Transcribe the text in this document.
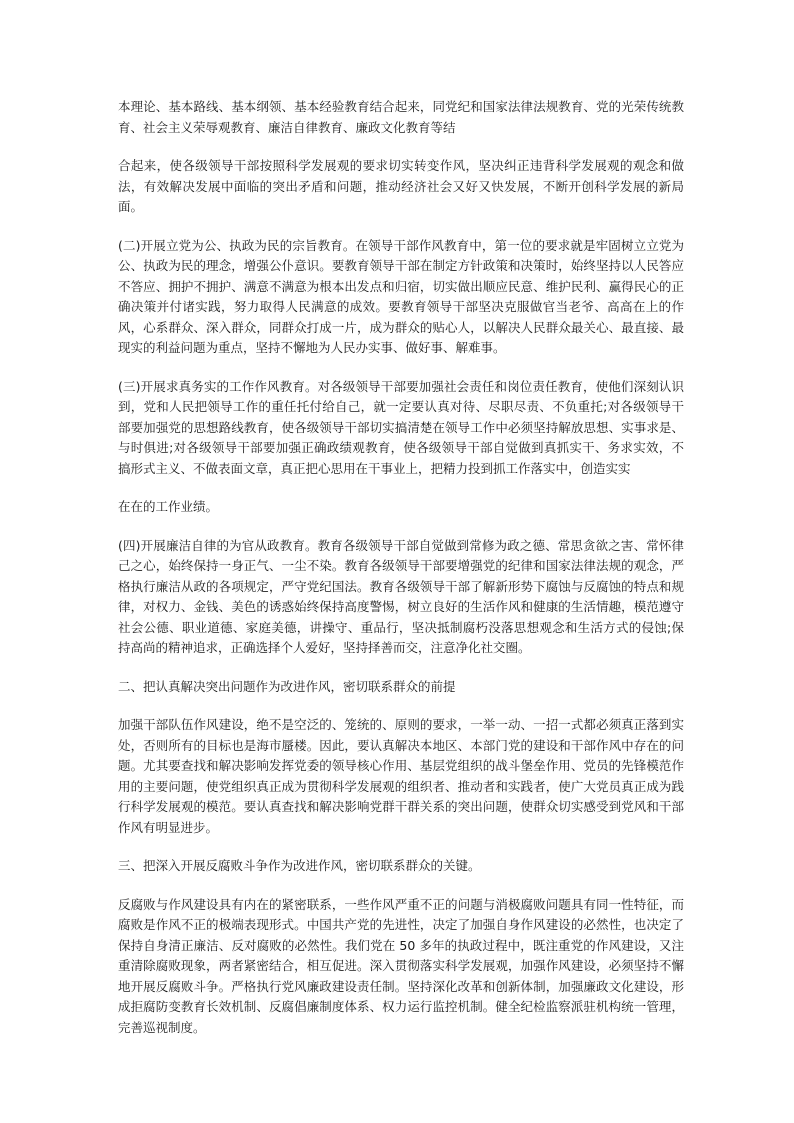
本理论、基本路线、基本纲领、基本经验教育结合起来，同党纪和国家法律法规教育、党的光荣传统教育、社会主义荣辱观教育、廉洁自律教育、廉政文化教育等结

合起来，使各级领导干部按照科学发展观的要求切实转变作风，坚决纠正违背科学发展观的观念和做法，有效解决发展中面临的突出矛盾和问题，推动经济社会又好又快发展，不断开创科学发展的新局面。

(二)开展立党为公、执政为民的宗旨教育。在领导干部作风教育中，第一位的要求就是牢固树立立党为公、执政为民的理念，增强公仆意识。要教育领导干部在制定方针政策和决策时，始终坚持以人民答应不答应、拥护不拥护、满意不满意为根本出发点和归宿，切实做出顺应民意、维护民利、赢得民心的正确决策并付诸实践，努力取得人民满意的成效。要教育领导干部坚决克服做官当老爷、高高在上的作风，心系群众、深入群众，同群众打成一片，成为群众的贴心人，以解决人民群众最关心、最直接、最现实的利益问题为重点，坚持不懈地为人民办实事、做好事、解难事。

(三)开展求真务实的工作作风教育。对各级领导干部要加强社会责任和岗位责任教育，使他们深刻认识到，党和人民把领导工作的重任托付给自己，就一定要认真对待、尽职尽责、不负重托;对各级领导干部要加强党的思想路线教育，使各级领导干部切实搞清楚在领导工作中必须坚持解放思想、实事求是、与时俱进;对各级领导干部要加强正确政绩观教育，使各级领导干部自觉做到真抓实干、务求实效，不搞形式主义、不做表面文章，真正把心思用在干事业上，把精力投到抓工作落实中，创造实实

在在的工作业绩。

(四)开展廉洁自律的为官从政教育。教育各级领导干部自觉做到常修为政之德、常思贪欲之害、常怀律己之心，始终保持一身正气、一尘不染。教育各级领导干部要增强党的纪律和国家法律法规的观念，严格执行廉洁从政的各项规定，严守党纪国法。教育各级领导干部了解新形势下腐蚀与反腐蚀的特点和规律，对权力、金钱、美色的诱惑始终保持高度警惕，树立良好的生活作风和健康的生活情趣，模范遵守社会公德、职业道德、家庭美德，讲操守、重品行，坚决抵制腐朽没落思想观念和生活方式的侵蚀;保持高尚的精神追求，正确选择个人爱好，坚持择善而交，注意净化社交圈。

二、把认真解决突出问题作为改进作风，密切联系群众的前提

加强干部队伍作风建设，绝不是空泛的、笼统的、原则的要求，一举一动、一招一式都必须真正落到实处，否则所有的目标也是海市蜃楼。因此，要认真解决本地区、本部门党的建设和干部作风中存在的问题。尤其要查找和解决影响发挥党委的领导核心作用、基层党组织的战斗堡垒作用、党员的先锋模范作用的主要问题，使党组织真正成为贯彻科学发展观的组织者、推动者和实践者，使广大党员真正成为践行科学发展观的模范。要认真查找和解决影响党群干群关系的突出问题，使群众切实感受到党风和干部作风有明显进步。

三、把深入开展反腐败斗争作为改进作风，密切联系群众的关键。

反腐败与作风建设具有内在的紧密联系，一些作风严重不正的问题与消极腐败问题具有同一性特征，而腐败是作风不正的极端表现形式。中国共产党的先进性，决定了加强自身作风建设的必然性，也决定了保持自身清正廉洁、反对腐败的必然性。我们党在 50 多年的执政过程中，既注重党的作风建设，又注重清除腐败现象，两者紧密结合，相互促进。深入贯彻落实科学发展观，加强作风建设，必须坚持不懈地开展反腐败斗争。严格执行党风廉政建设责任制。坚持深化改革和创新体制，加强廉政文化建设，形成拒腐防变教育长效机制、反腐倡廉制度体系、权力运行监控机制。健全纪检监察派驻机构统一管理，完善巡视制度。
